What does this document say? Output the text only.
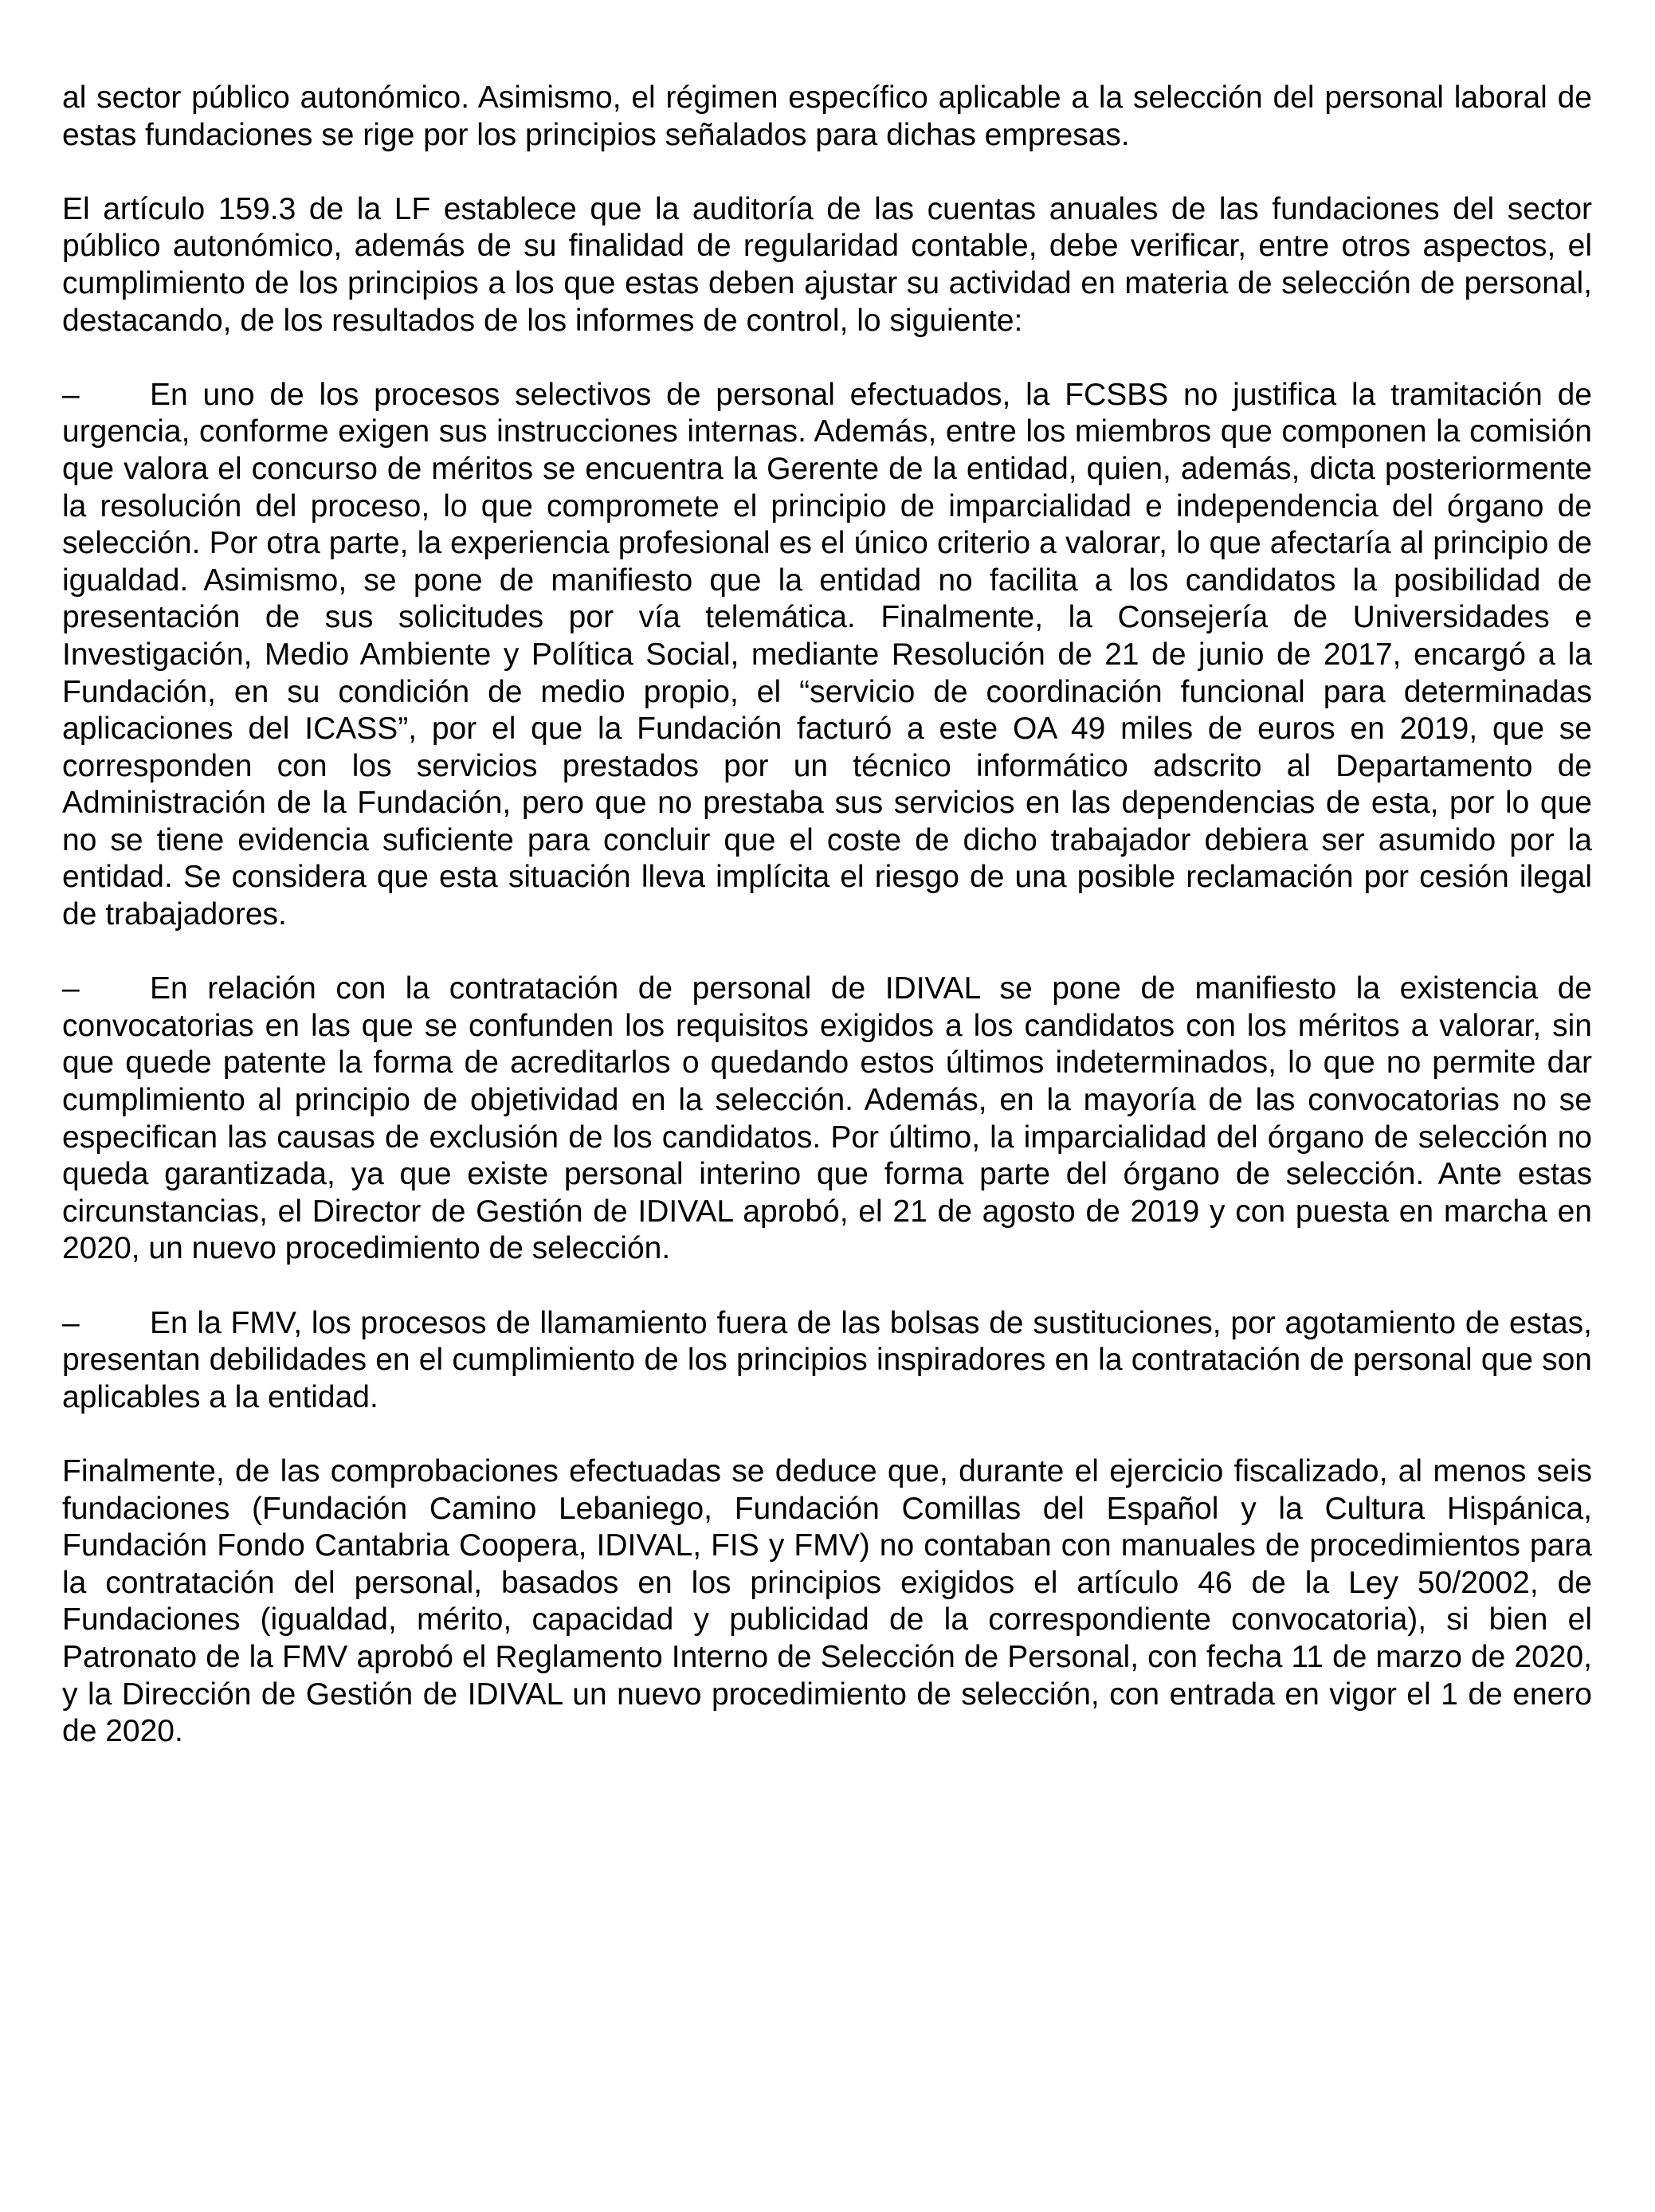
al sector público autonómico. Asimismo, el régimen específico aplicable a la selección del personal laboral de estas fundaciones se rige por los principios señalados para dichas empresas.

El artículo 159.3 de la LF establece que la auditoría de las cuentas anuales de las fundaciones del sector público autonómico, además de su finalidad de regularidad contable, debe verificar, entre otros aspectos, el cumplimiento de los principios a los que estas deben ajustar su actividad en materia de selección de personal, destacando, de los resultados de los informes de control, lo siguiente:

– En uno de los procesos selectivos de personal efectuados, la FCSBS no justifica la tramitación de urgencia, conforme exigen sus instrucciones internas. Además, entre los miembros que componen la comisión que valora el concurso de méritos se encuentra la Gerente de la entidad, quien, además, dicta posteriormente la resolución del proceso, lo que compromete el principio de imparcialidad e independencia del órgano de selección. Por otra parte, la experiencia profesional es el único criterio a valorar, lo que afectaría al principio de igualdad. Asimismo, se pone de manifiesto que la entidad no facilita a los candidatos la posibilidad de presentación de sus solicitudes por vía telemática. Finalmente, la Consejería de Universidades e Investigación, Medio Ambiente y Política Social, mediante Resolución de 21 de junio de 2017, encargó a la Fundación, en su condición de medio propio, el “servicio de coordinación funcional para determinadas aplicaciones del ICASS”, por el que la Fundación facturó a este OA 49 miles de euros en 2019, que se corresponden con los servicios prestados por un técnico informático adscrito al Departamento de Administración de la Fundación, pero que no prestaba sus servicios en las dependencias de esta, por lo que no se tiene evidencia suficiente para concluir que el coste de dicho trabajador debiera ser asumido por la entidad. Se considera que esta situación lleva implícita el riesgo de una posible reclamación por cesión ilegal de trabajadores.
– En relación con la contratación de personal de IDIVAL se pone de manifiesto la existencia de convocatorias en las que se confunden los requisitos exigidos a los candidatos con los méritos a valorar, sin que quede patente la forma de acreditarlos o quedando estos últimos indeterminados, lo que no permite dar cumplimiento al principio de objetividad en la selección. Además, en la mayoría de las convocatorias no se especifican las causas de exclusión de los candidatos. Por último, la imparcialidad del órgano de selección no queda garantizada, ya que existe personal interino que forma parte del órgano de selección. Ante estas circunstancias, el Director de Gestión de IDIVAL aprobó, el 21 de agosto de 2019 y con puesta en marcha en 2020, un nuevo procedimiento de selección.
– En la FMV, los procesos de llamamiento fuera de las bolsas de sustituciones, por agotamiento de estas, presentan debilidades en el cumplimiento de los principios inspiradores en la contratación de personal que son aplicables a la entidad.

Finalmente, de las comprobaciones efectuadas se deduce que, durante el ejercicio fiscalizado, al menos seis fundaciones (Fundación Camino Lebaniego, Fundación Comillas del Español y la Cultura Hispánica, Fundación Fondo Cantabria Coopera, IDIVAL, FIS y FMV) no contaban con manuales de procedimientos para la contratación del personal, basados en los principios exigidos el artículo 46 de la Ley 50/2002, de Fundaciones (igualdad, mérito, capacidad y publicidad de la correspondiente convocatoria), si bien el Patronato de la FMV aprobó el Reglamento Interno de Selección de Personal, con fecha 11 de marzo de 2020, y la Dirección de Gestión de IDIVAL un nuevo procedimiento de selección, con entrada en vigor el 1 de enero de 2020.
